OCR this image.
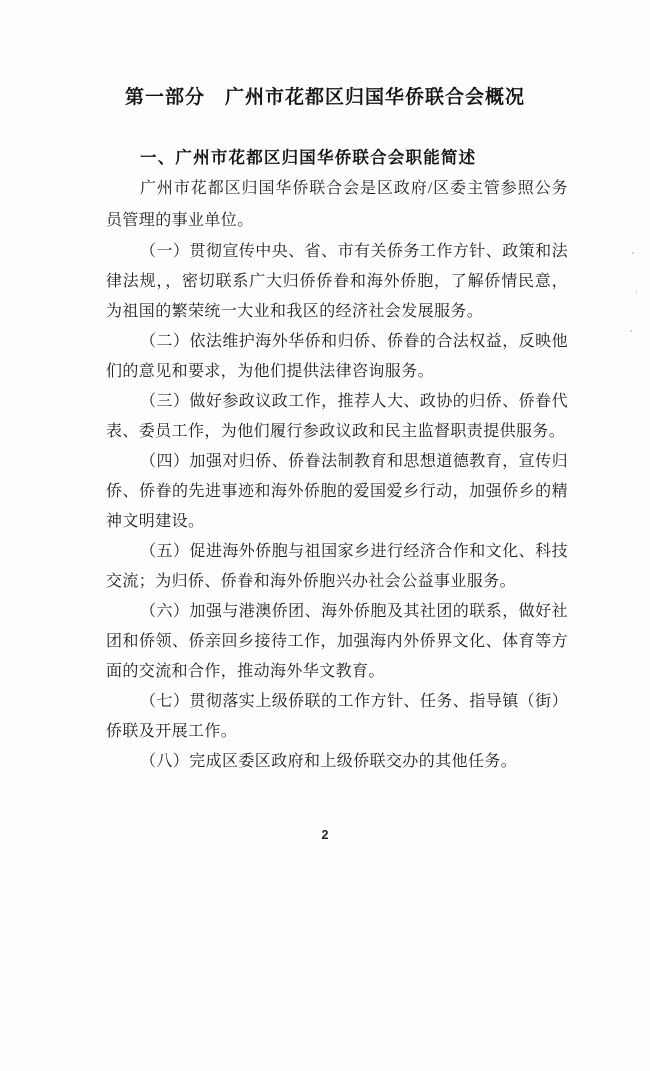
第一部分　广州市花都区归国华侨联合会概况
一、广州市花都区归国华侨联合会职能简述

广州市花都区归国华侨联合会是区政府/区委主管参照公务员管理的事业单位。

（一）贯彻宣传中央、省、市有关侨务工作方针、政策和法律法规，，密切联系广大归侨侨眷和海外侨胞，了解侨情民意，为祖国的繁荣统一大业和我区的经济社会发展服务。

（二）依法维护海外华侨和归侨、侨眷的合法权益，反映他们的意见和要求，为他们提供法律咨询服务。

（三）做好参政议政工作，推荐人大、政协的归侨、侨眷代表、委员工作，为他们履行参政议政和民主监督职责提供服务。

（四）加强对归侨、侨眷法制教育和思想道德教育，宣传归侨、侨眷的先进事迹和海外侨胞的爱国爱乡行动，加强侨乡的精神文明建设。

（五）促进海外侨胞与祖国家乡进行经济合作和文化、科技交流；为归侨、侨眷和海外侨胞兴办社会公益事业服务。

（六）加强与港澳侨团、海外侨胞及其社团的联系，做好社团和侨领、侨亲回乡接待工作，加强海内外侨界文化、体育等方面的交流和合作，推动海外华文教育。

（七）贯彻落实上级侨联的工作方针、任务、指导镇（街）侨联及开展工作。

（八）完成区委区政府和上级侨联交办的其他任务。

2
